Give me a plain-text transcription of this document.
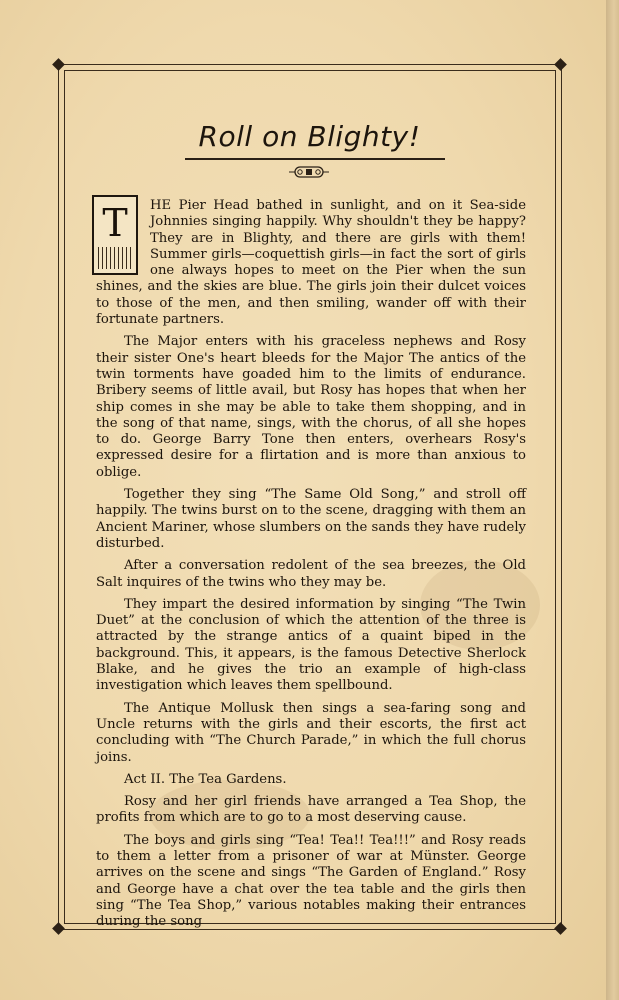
Roll on Blighty!
T	HE Pier Head bathed in sunlight, and on it Sea-side Johnnies singing happily. Why shouldn't they be happy? They are in Blighty, and there are girls with them! Summer girls—coquettish girls—in fact the sort of girls one always hopes to meet on the Pier when the sun shines, and the skies are blue. The girls join their dulcet voices to those of the men, and then smiling, wander off with their fortunate partners.

The Major enters with his graceless nephews and Rosy their sister One's heart bleeds for the Major The antics of the twin torments have goaded him to the limits of endurance. Bribery seems of little avail, but Rosy has hopes that when her ship comes in she may be able to take them shopping, and in the song of that name, sings, with the chorus, of all she hopes to do. George Barry Tone then enters, overhears Rosy's expressed desire for a flirtation and is more than anxious to oblige.

Together they sing “The Same Old Song,” and stroll off happily. The twins burst on to the scene, dragging with them an Ancient Mariner, whose slumbers on the sands they have rudely disturbed.

After a conversation redolent of the sea breezes, the Old Salt inquires of the twins who they may be.

They impart the desired information by singing “The Twin Duet” at the conclusion of which the attention of the three is attracted by the strange antics of a quaint biped in the background. This, it appears, is the famous Detective Sherlock Blake, and he gives the trio an example of high-class investigation which leaves them spellbound.

The Antique Mollusk then sings a sea-faring song and Uncle returns with the girls and their escorts, the first act concluding with “The Church Parade,” in which the full chorus joins.

Act II. The Tea Gardens.

Rosy and her girl friends have arranged a Tea Shop, the profits from which are to go to a most deserving cause.

The boys and girls sing “Tea! Tea!! Tea!!!” and Rosy reads to them a letter from a prisoner of war at Münster. George arrives on the scene and sings “The Garden of England.” Rosy and George have a chat over the tea table and the girls then sing “The Tea Shop,” various notables making their entrances during the song
